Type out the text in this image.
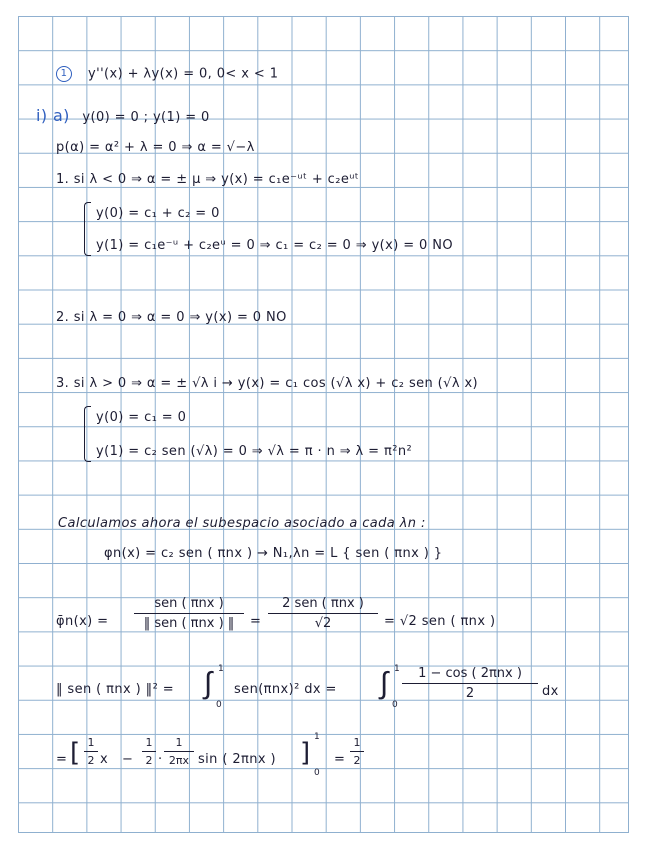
1 y''(x) + λy(x) = 0, 0< x < 1
i) a) y(0) = 0 ; y(1) = 0
p(α) = α² + λ = 0 ⇒ α = √−λ
1. si λ < 0 ⇒ α = ± μ ⇒ y(x) = c₁e⁻ᵘᵗ + c₂eᵘᵗ
y(0) = c₁ + c₂ = 0
y(1) = c₁e⁻ᵘ + c₂eᵘ = 0 ⇒ c₁ = c₂ = 0 ⇒ y(x) = 0 NO
2. si λ = 0 ⇒ α = 0 ⇒ y(x) = 0 NO
3. si λ > 0 ⇒ α = ± √λ i → y(x) = c₁ cos (√λ x) + c₂ sen (√λ x)
y(0) = c₁ = 0
y(1) = c₂ sen (√λ) = 0 ⇒ √λ = π · n ⇒ λ = π²n²
Calculamos ahora el subespacio asociado a cada λn :
φn(x) = c₂ sen ( πnx ) → N₁,λn = L { sen ( πnx ) }
φ̄n(x) =
sen ( πnx )
‖ sen ( πnx ) ‖	=
2 sen ( πnx )
√2	= √2 sen ( πnx )
‖ sen ( πnx ) ‖² = ∫ 1
0
sen(πnx)² dx = ∫ 1
0
1 − cos ( 2πnx )
2	dx
= [ 1
2 x −
1
2 ·
1
2πx sin ( 2πnx ) ]
1
0
=
1
2
